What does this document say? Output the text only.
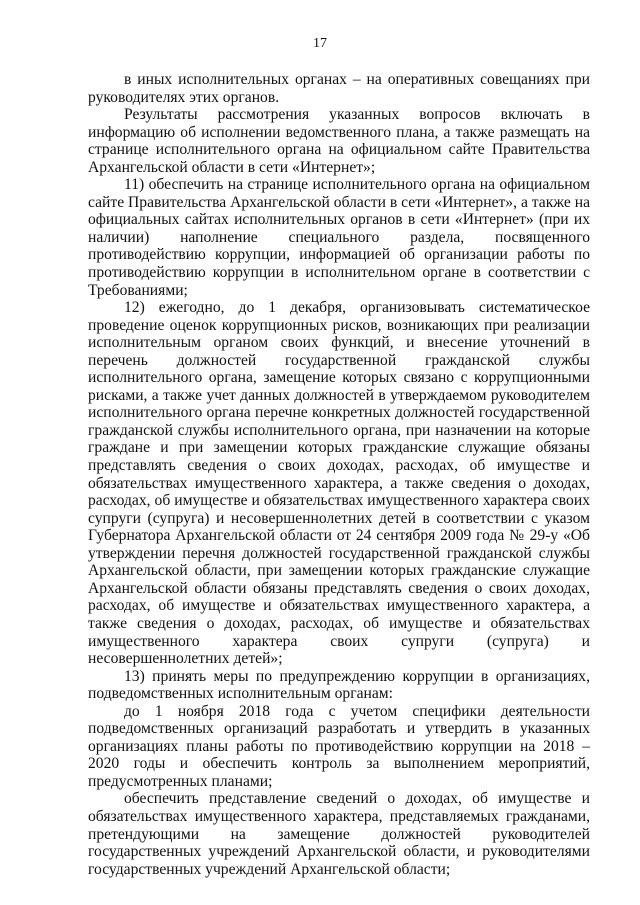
17

в иных исполнительных органах – на оперативных совещаниях при руководителях этих органов.

Результаты рассмотрения указанных вопросов включать в информацию об исполнении ведомственного плана, а также размещать на странице исполнительного органа на официальном сайте Правительства Архангельской области в сети «Интернет»;

11) обеспечить на странице исполнительного органа на официальном сайте Правительства Архангельской области в сети «Интернет», а также на официальных сайтах исполнительных органов в сети «Интернет» (при их наличии) наполнение специального раздела, посвященного противодействию коррупции, информацией об организации работы по противодействию коррупции в исполнительном органе в соответствии с Требованиями;

12) ежегодно, до 1 декабря, организовывать систематическое проведение оценок коррупционных рисков, возникающих при реализации исполнительным органом своих функций, и внесение уточнений в перечень должностей государственной гражданской службы исполнительного органа, замещение которых связано с коррупционными рисками, а также учет данных должностей в утверждаемом руководителем исполнительного органа перечне конкретных должностей государственной гражданской службы исполнительного органа, при назначении на которые граждане и при замещении которых гражданские служащие обязаны представлять сведения о своих доходах, расходах, об имуществе и обязательствах имущественного характера, а также сведения о доходах, расходах, об имуществе и обязательствах имущественного характера своих супруги (супруга) и несовершеннолетних детей в соответствии с указом Губернатора Архангельской области от 24 сентября 2009 года № 29-у «Об утверждении перечня должностей государственной гражданской службы Архангельской области, при замещении которых гражданские служащие Архангельской области обязаны представлять сведения о своих доходах, расходах, об имуществе и обязательствах имущественного характера, а также сведения о доходах, расходах, об имуществе и обязательствах имущественного характера своих супруги (супруга) и несовершеннолетних детей»;

13) принять меры по предупреждению коррупции в организациях, подведомственных исполнительным органам:

до 1 ноября 2018 года с учетом специфики деятельности подведомственных организаций разработать и утвердить в указанных организациях планы работы по противодействию коррупции на 2018 – 2020 годы и обеспечить контроль за выполнением мероприятий, предусмотренных планами;

обеспечить представление сведений о доходах, об имуществе и обязательствах имущественного характера, представляемых гражданами, претендующими на замещение должностей руководителей государственных учреждений Архангельской области, и руководителями государственных учреждений Архангельской области;
